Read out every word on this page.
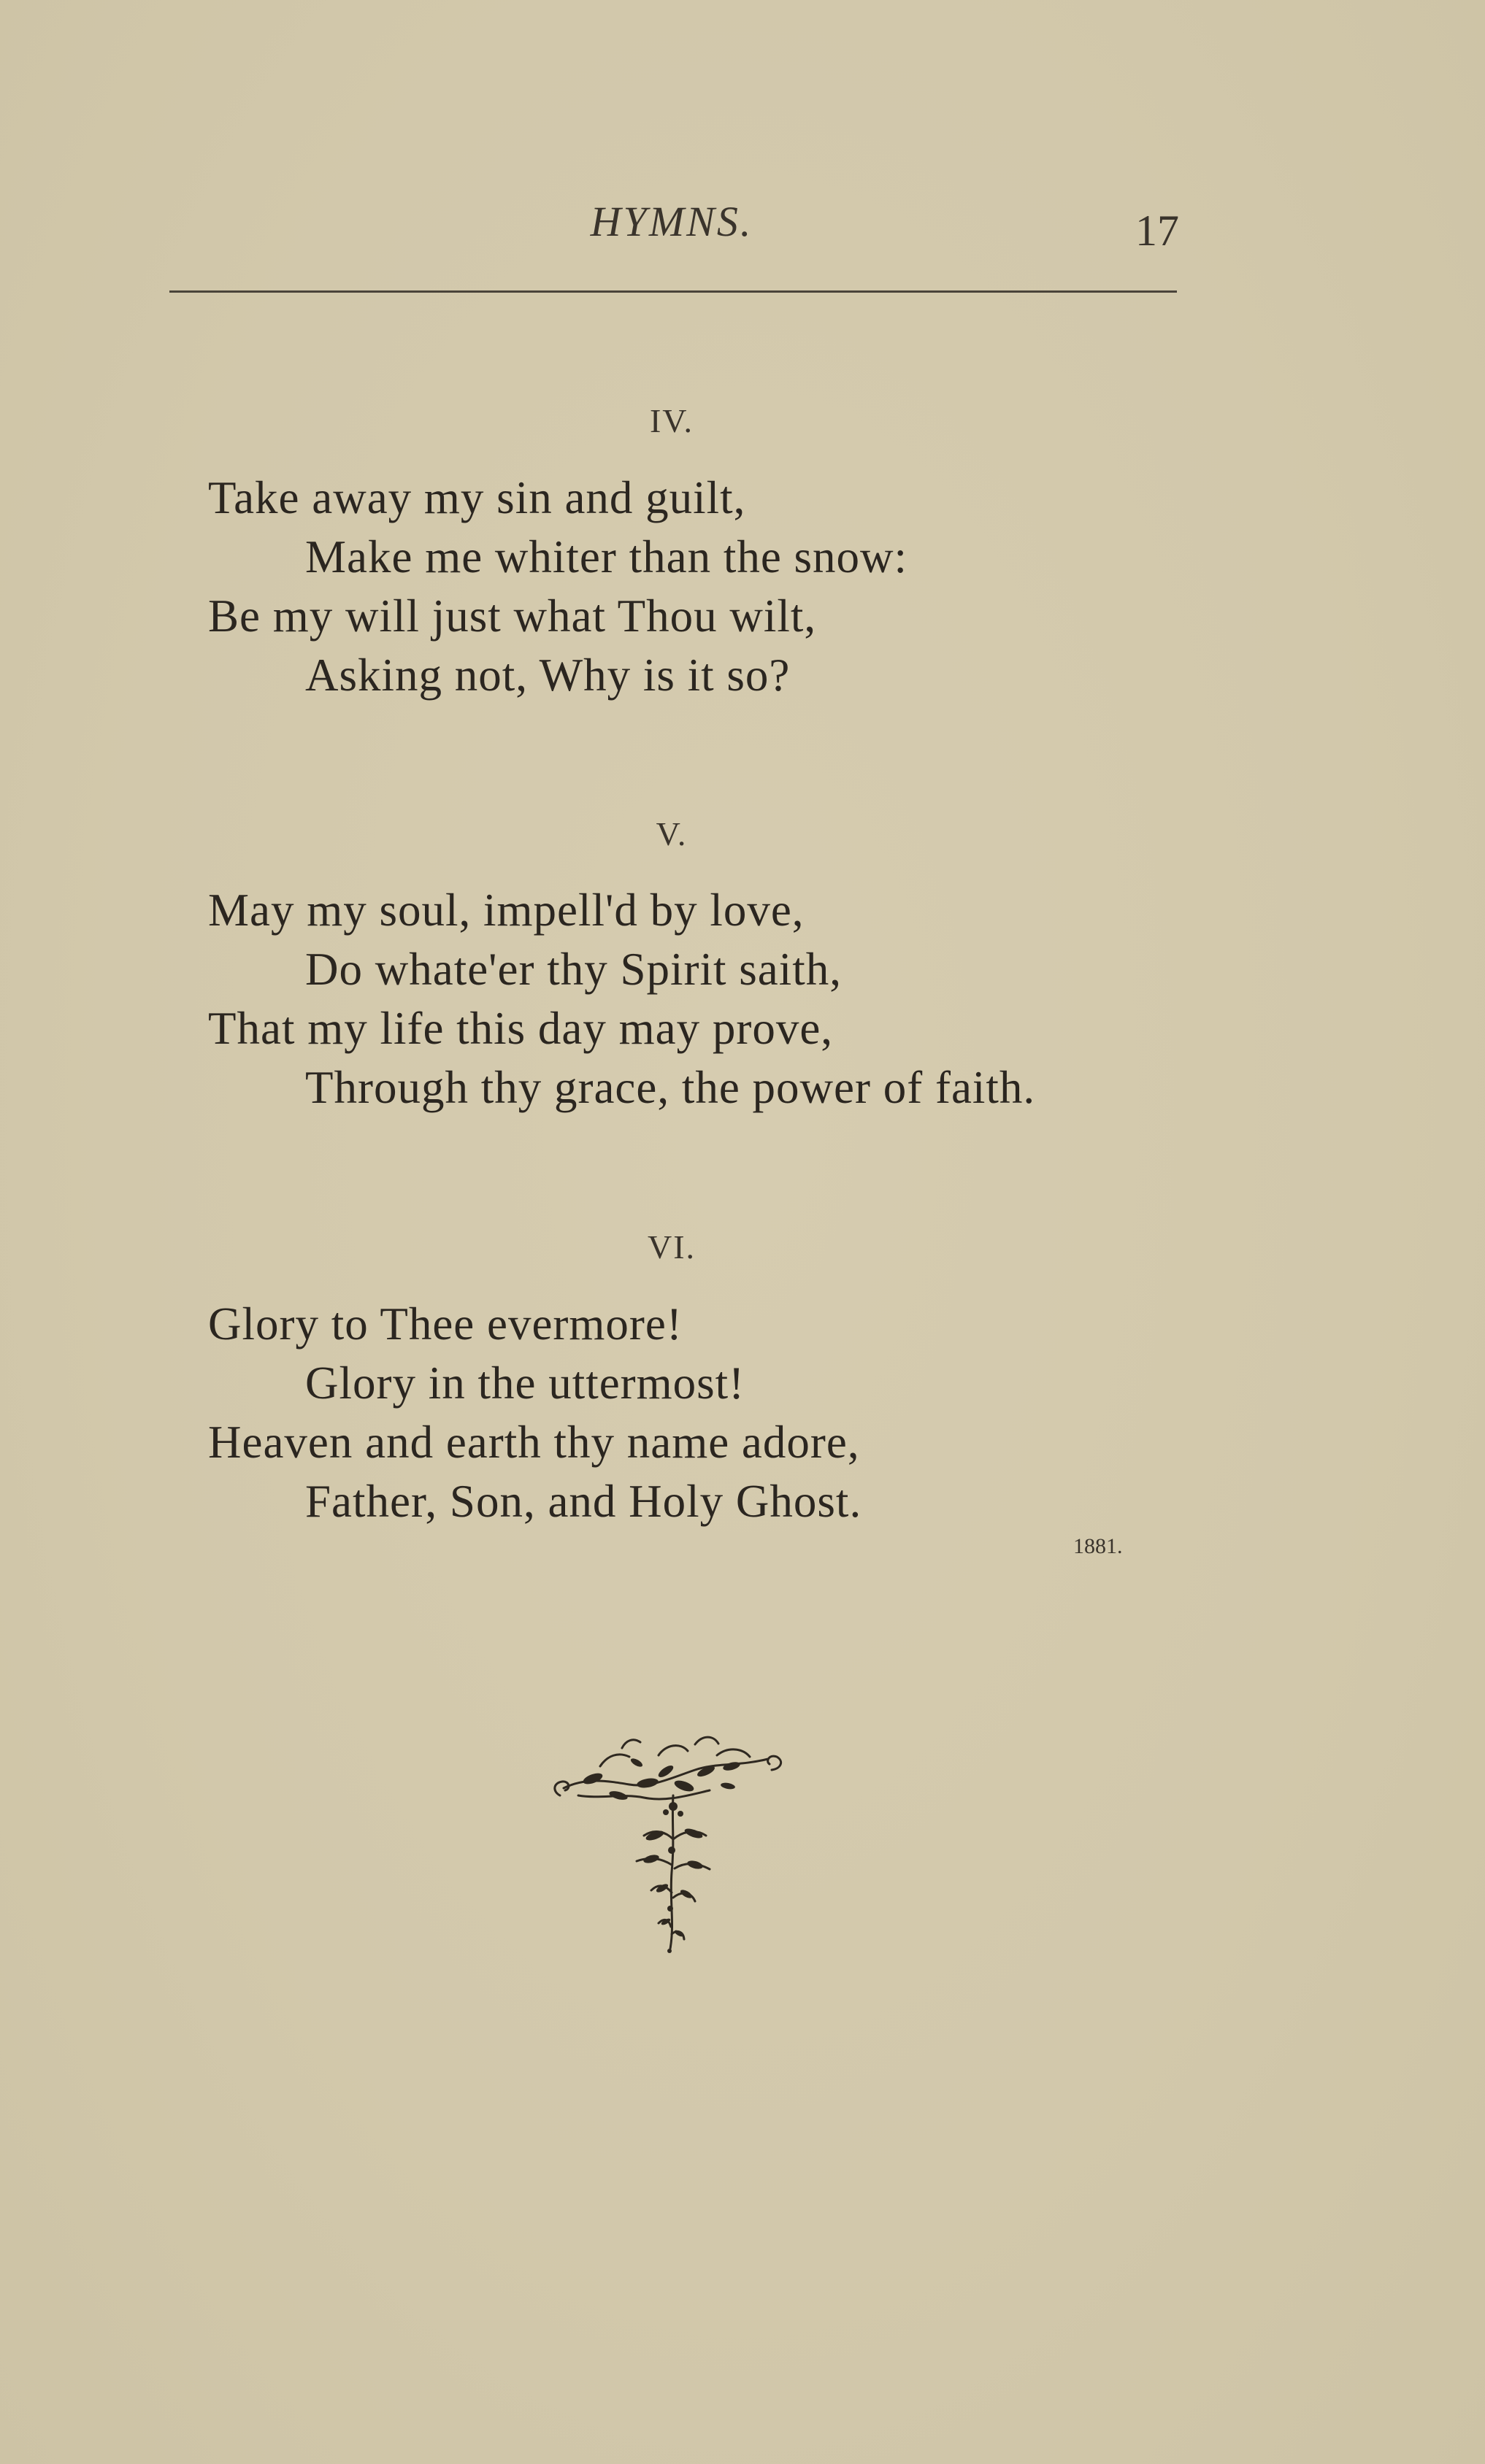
HYMNS.	17
IV.
Take away my sin and guilt,
Make me whiter than the snow:
Be my will just what Thou wilt,
Asking not, Why is it so?
V.
May my soul, impell'd by love,
Do whate'er thy Spirit saith,
That my life this day may prove,
Through thy grace, the power of faith.
VI.
Glory to Thee evermore!
Glory in the uttermost!
Heaven and earth thy name adore,
Father, Son, and Holy Ghost.
1881.
